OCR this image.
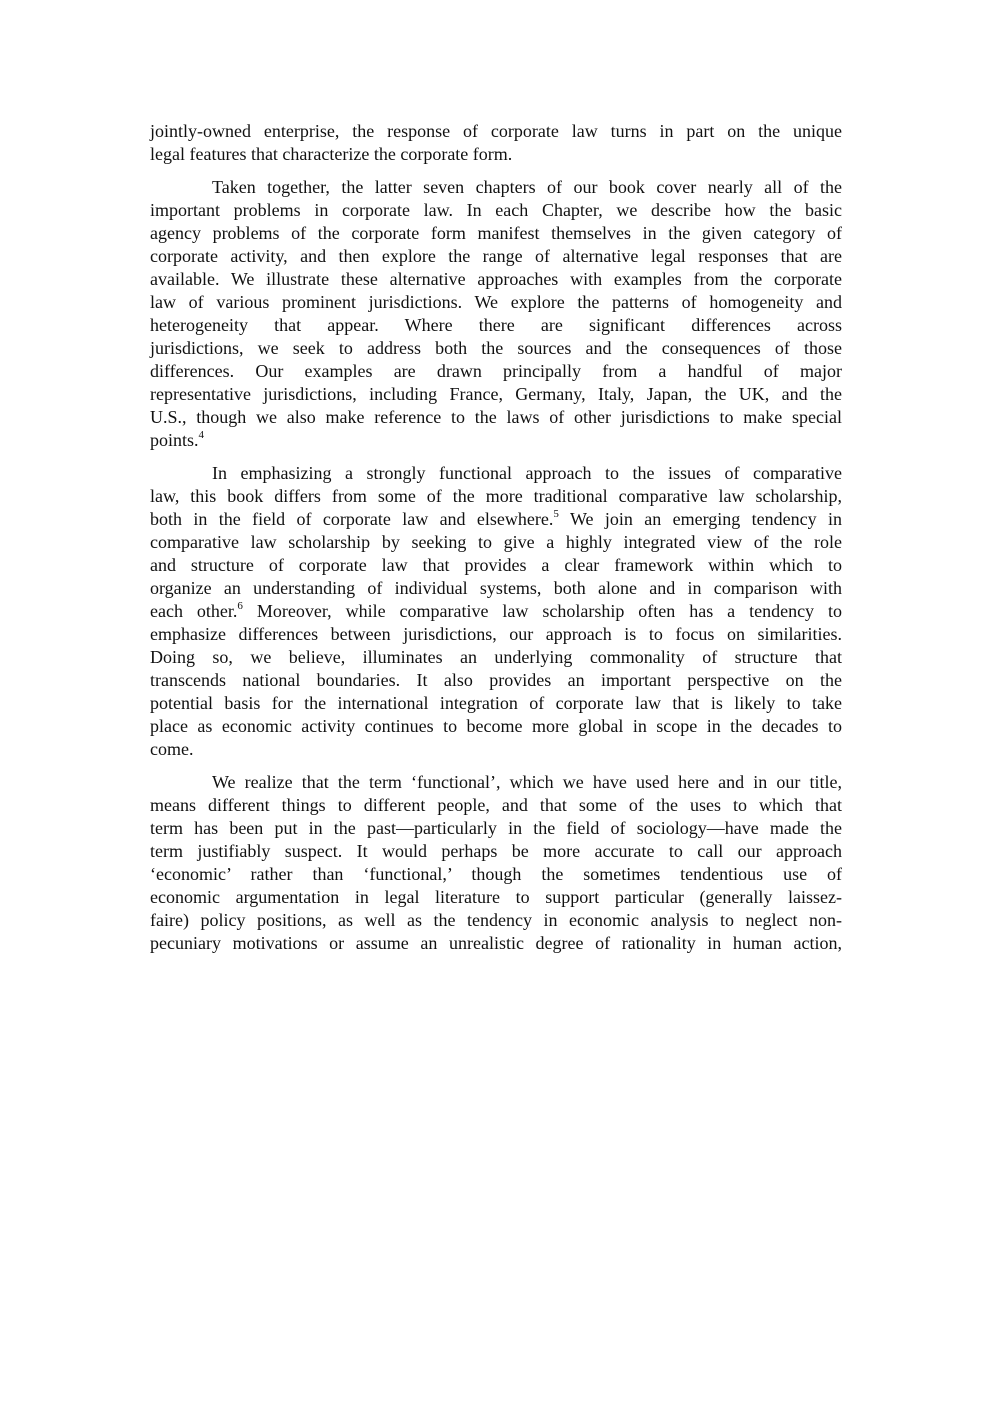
jointly-owned enterprise, the response of corporate law turns in part on the unique
legal features that characterize the corporate form.
Taken together, the latter seven chapters of our book cover nearly all of the
important problems in corporate law. In each Chapter, we describe how the basic
agency problems of the corporate form manifest themselves in the given category of
corporate activity, and then explore the range of alternative legal responses that are
available. We illustrate these alternative approaches with examples from the corporate
law of various prominent jurisdictions. We explore the patterns of homogeneity and
heterogeneity that appear. Where there are significant differences across
jurisdictions, we seek to address both the sources and the consequences of those
differences. Our examples are drawn principally from a handful of major
representative jurisdictions, including France, Germany, Italy, Japan, the UK, and the
U.S., though we also make reference to the laws of other jurisdictions to make special
points.$^4$
In emphasizing a strongly functional approach to the issues of comparative
law, this book differs from some of the more traditional comparative law scholarship,
both in the field of corporate law and elsewhere.$^5$ We join an emerging tendency in
comparative law scholarship by seeking to give a highly integrated view of the role
and structure of corporate law that provides a clear framework within which to
organize an understanding of individual systems, both alone and in comparison with
each other.$^6$ Moreover, while comparative law scholarship often has a tendency to
emphasize differences between jurisdictions, our approach is to focus on similarities.
Doing so, we believe, illuminates an underlying commonality of structure that
transcends national boundaries. It also provides an important perspective on the
potential basis for the international integration of corporate law that is likely to take
place as economic activity continues to become more global in scope in the decades to
come.
We realize that the term ‘functional’, which we have used here and in our title,
means different things to different people, and that some of the uses to which that
term has been put in the past—particularly in the field of sociology—have made the
term justifiably suspect. It would perhaps be more accurate to call our approach
‘economic’ rather than ‘functional,’ though the sometimes tendentious use of
economic argumentation in legal literature to support particular (generally laissez-
faire) policy positions, as well as the tendency in economic analysis to neglect non-
pecuniary motivations or assume an unrealistic degree of rationality in human action,
